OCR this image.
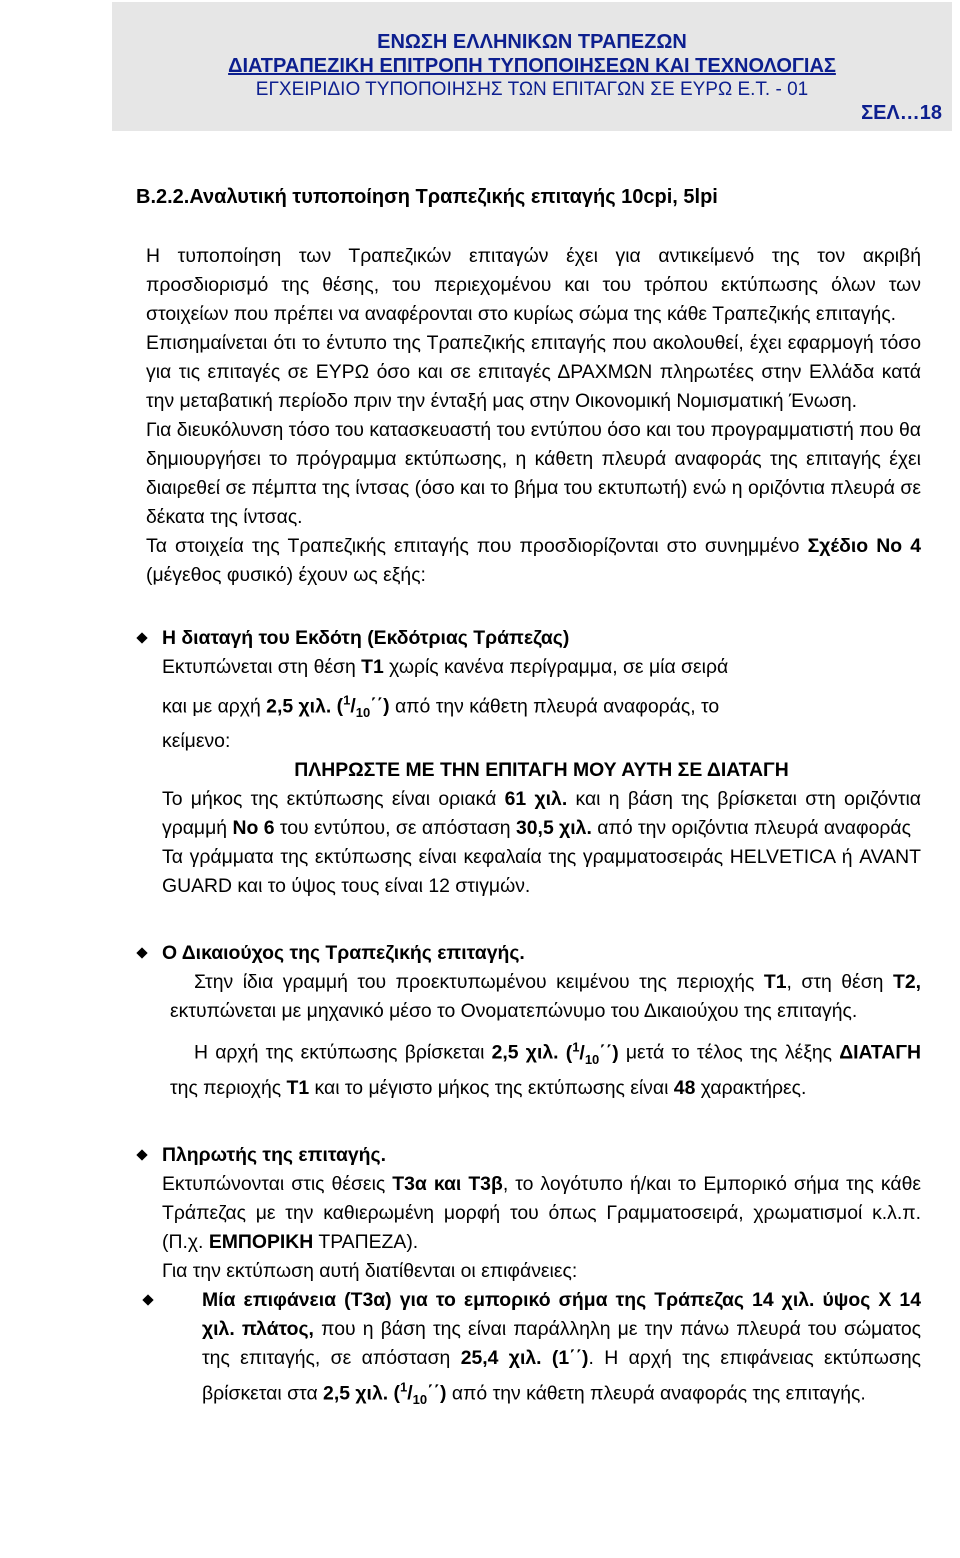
ΕΝΩΣΗ ΕΛΛΗΝΙΚΩΝ ΤΡΑΠΕΖΩΝ
ΔΙΑΤΡΑΠΕΖΙΚΗ ΕΠΙΤΡΟΠΗ ΤΥΠΟΠΟΙΗΣΕΩΝ ΚΑΙ ΤΕΧΝΟΛΟΓΙΑΣ
ΕΓΧΕΙΡΙΔΙΟ ΤΥΠΟΠΟΙΗΣΗΣ ΤΩΝ ΕΠΙΤΑΓΩΝ ΣΕ ΕΥΡΩ Ε.Τ. - 01
ΣΕΛ…18
Β.2.2.Αναλυτική τυποποίηση Τραπεζικής επιταγής 10cpi, 5lpi

Η τυποποίηση των Τραπεζικών επιταγών έχει για αντικείμενό της τον ακριβή προσδιορισμό της θέσης, του περιεχομένου και του τρόπου εκτύπωσης όλων των στοιχείων που πρέπει να αναφέρονται στο κυρίως σώμα της κάθε Τραπεζικής επιταγής.

Επισημαίνεται ότι το έντυπο της Τραπεζικής επιταγής που ακολουθεί, έχει εφαρμογή τόσο για τις επιταγές σε ΕΥΡΩ όσο και σε επιταγές ΔΡΑΧΜΩΝ πληρωτέες στην Ελλάδα κατά την μεταβατική περίοδο πριν την ένταξή μας στην Οικονομική Νομισματική Ένωση.

Για διευκόλυνση τόσο του κατασκευαστή του εντύπου όσο και του προγραμματιστή που θα δημιουργήσει το πρόγραμμα εκτύπωσης, η κάθετη πλευρά αναφοράς της επιταγής έχει διαιρεθεί σε πέμπτα της ίντσας (όσο και το βήμα του εκτυπωτή) ενώ η οριζόντια πλευρά σε δέκατα της ίντσας.

Τα στοιχεία της Τραπεζικής επιταγής που προσδιορίζονται στο συνημμένο Σχέδιο Νο 4 (μέγεθος φυσικό) έχουν ως εξής:

Η διαταγή του Εκδότη (Εκδότριας Τράπεζας)

Εκτυπώνεται στη θέση Τ1 χωρίς κανένα περίγραμμα, σε μία σειρά

και με αρχή 2,5 χιλ. $(^1/_{10}΄΄)$ από την κάθετη πλευρά αναφοράς, το

κείμενο:

ΠΛΗΡΩΣΤΕ ΜΕ ΤΗΝ ΕΠΙΤΑΓΗ ΜΟΥ ΑΥΤΗ ΣΕ ΔΙΑΤΑΓΗ

Το μήκος της εκτύπωσης είναι οριακά 61 χιλ. και η βάση της βρίσκεται στη οριζόντια γραμμή Νο 6 του εντύπου, σε απόσταση 30,5 χιλ. από την οριζόντια πλευρά αναφοράς

Τα γράμματα της εκτύπωσης είναι κεφαλαία της γραμματοσειράς HELVETICA ή AVANT GUARD και το ύψος τους είναι 12 στιγμών.

Ο Δικαιούχος της Τραπεζικής επιταγής.

Στην ίδια γραμμή του προεκτυπωμένου κειμένου της περιοχής Τ1, στη θέση Τ2, εκτυπώνεται με μηχανικό μέσο το Ονοματεπώνυμο του Δικαιούχου της επιταγής.

Η αρχή της εκτύπωσης βρίσκεται 2,5 χιλ. $(^1/_{10}΄΄)$ μετά το τέλος της λέξης ΔΙΑΤΑΓΗ της περιοχής Τ1 και το μέγιστο μήκος της εκτύπωσης είναι 48 χαρακτήρες.

Πληρωτής της επιταγής.

Εκτυπώνονται στις θέσεις Τ3α και Τ3β, το λογότυπο ή/και το Εμπορικό σήμα της κάθε Τράπεζας με την καθιερωμένη μορφή του όπως Γραμματοσειρά, χρωματισμοί κ.λ.π. (Π.χ. ΕΜΠΟΡΙΚΗ ΤΡΑΠΕΖΑ).

Για την εκτύπωση αυτή διατίθενται οι επιφάνειες:

Μία επιφάνεια (Τ3α) για το εμπορικό σήμα της Τράπεζας 14 χιλ. ύψος Χ 14 χιλ. πλάτος, που η βάση της είναι παράλληλη με την πάνω πλευρά του σώματος της επιταγής, σε απόσταση 25,4 χιλ. (1΄΄). Η αρχή της επιφάνειας εκτύπωσης βρίσκεται στα 2,5 χιλ. $(^1/_{10}΄΄)$ από την κάθετη πλευρά αναφοράς της επιταγής.
